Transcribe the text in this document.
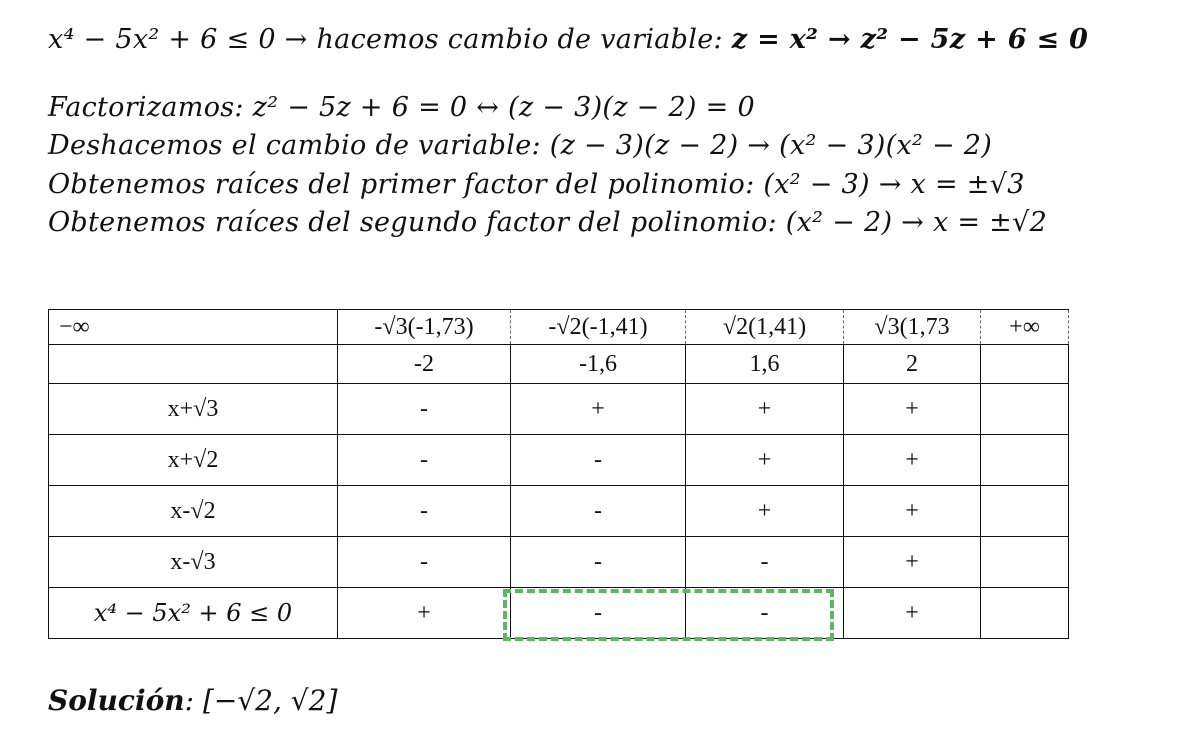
x⁴ − 5x² + 6 ≤ 0 → hacemos cambio de variable: z = x² → z² − 5z + 6 ≤ 0
Factorizamos: z² − 5z + 6 = 0 ↔ (z − 3)(z − 2) = 0
Deshacemos el cambio de variable: (z − 3)(z − 2) → (x² − 3)(x² − 2)
Obtenemos raíces del primer factor del polinomio: (x² − 3) → x = ±√3
Obtenemos raíces del segundo factor del polinomio: (x² − 2) → x = ±√2
−∞	-√3(-1,73)	-√2(-1,41)	√2(1,41)	√3(1,73	+∞
	-2	-1,6	1,6	2	
x+√3	-	+	+	+	
x+√2	-	-	+	+	
x-√2	-	-	+	+	
x-√3	-	-	-	+	
x⁴ − 5x² + 6 ≤ 0	+	-	-	+	
Solución: [−√2, √2]
